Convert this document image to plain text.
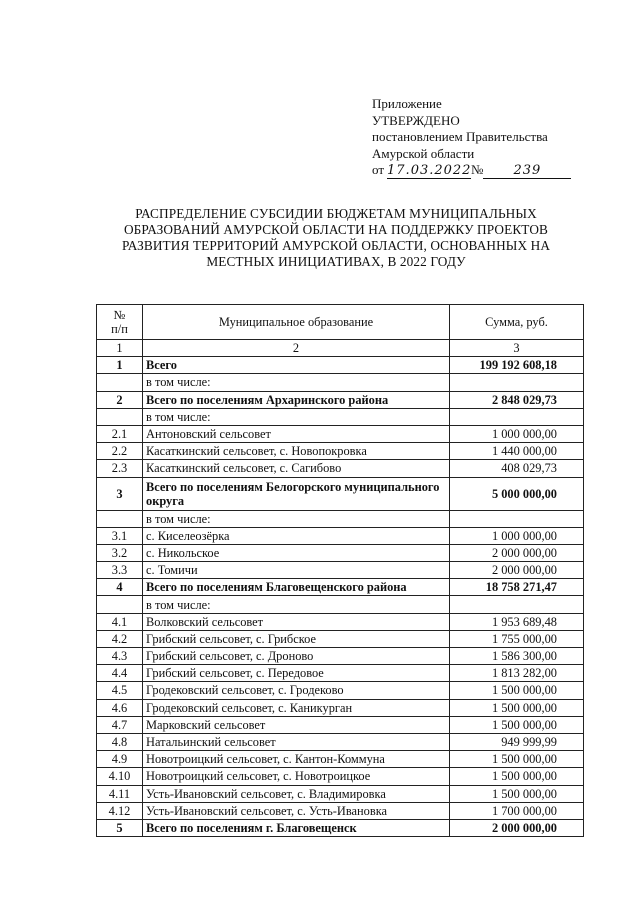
Приложение
УТВЕРЖДЕНО
постановлением Правительства
Амурской области
от 17.03.2022 №	239
РАСПРЕДЕЛЕНИЕ СУБСИДИИ БЮДЖЕТАМ МУНИЦИПАЛЬНЫХ
ОБРАЗОВАНИЙ АМУРСКОЙ ОБЛАСТИ НА ПОДДЕРЖКУ ПРОЕКТОВ
РАЗВИТИЯ ТЕРРИТОРИЙ АМУРСКОЙ ОБЛАСТИ, ОСНОВАННЫХ НА
МЕСТНЫХ ИНИЦИАТИВАХ, В 2022 ГОДУ
№
п/п	Муниципальное образование	Сумма, руб.
1	2	3
1	Всего	199 192 608,18
	в том числе:	
2	Всего по поселениям Архаринского района	2 848 029,73
	в том числе:	
2.1	Антоновский сельсовет	1 000 000,00
2.2	Касаткинский сельсовет, с. Новопокровка	1 440 000,00
2.3	Касаткинский сельсовет, с. Сагибово	408 029,73
3	Всего по поселениям Белогорского муниципального округа	5 000 000,00
	в том числе:	
3.1	с. Киселеозёрка	1 000 000,00
3.2	с. Никольское	2 000 000,00
3.3	с. Томичи	2 000 000,00
4	Всего по поселениям Благовещенского района	18 758 271,47
	в том числе:	
4.1	Волковский сельсовет	1 953 689,48
4.2	Грибский сельсовет, с. Грибское	1 755 000,00
4.3	Грибский сельсовет, с. Дроново	1 586 300,00
4.4	Грибский сельсовет, с. Передовое	1 813 282,00
4.5	Гродековский сельсовет, с. Гродеково	1 500 000,00
4.6	Гродековский сельсовет, с. Каникурган	1 500 000,00
4.7	Марковский сельсовет	1 500 000,00
4.8	Натальинский сельсовет	949 999,99
4.9	Новотроицкий сельсовет, с. Кантон-Коммуна	1 500 000,00
4.10	Новотроицкий сельсовет, с. Новотроицкое	1 500 000,00
4.11	Усть-Ивановский сельсовет, с. Владимировка	1 500 000,00
4.12	Усть-Ивановский сельсовет, с. Усть-Ивановка	1 700 000,00
5	Всего по поселениям г. Благовещенск	2 000 000,00
